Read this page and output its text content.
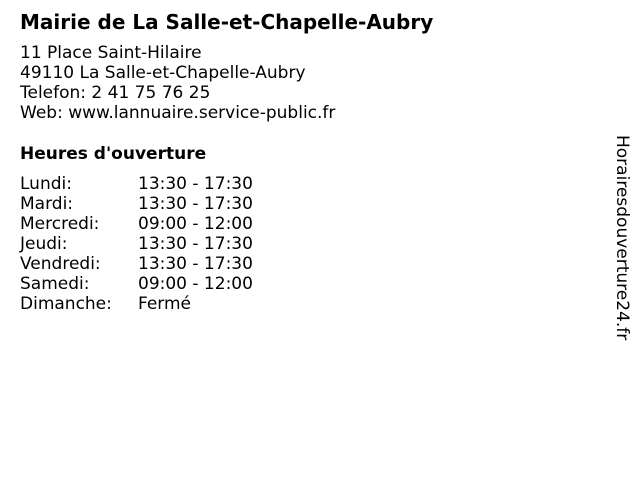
Mairie de La Salle-et-Chapelle-Aubry
11 Place Saint-Hilaire
49110 La Salle-et-Chapelle-Aubry
Telefon: 2 41 75 76 25
Web: www.lannuaire.service-public.fr
Heures d'ouverture
Lundi:	13:30 - 17:30
Mardi:	13:30 - 17:30
Mercredi:	09:00 - 12:00
Jeudi:	13:30 - 17:30
Vendredi:	13:30 - 17:30
Samedi:	09:00 - 12:00
Dimanche:	Fermé	Horairesdouverture24.fr
